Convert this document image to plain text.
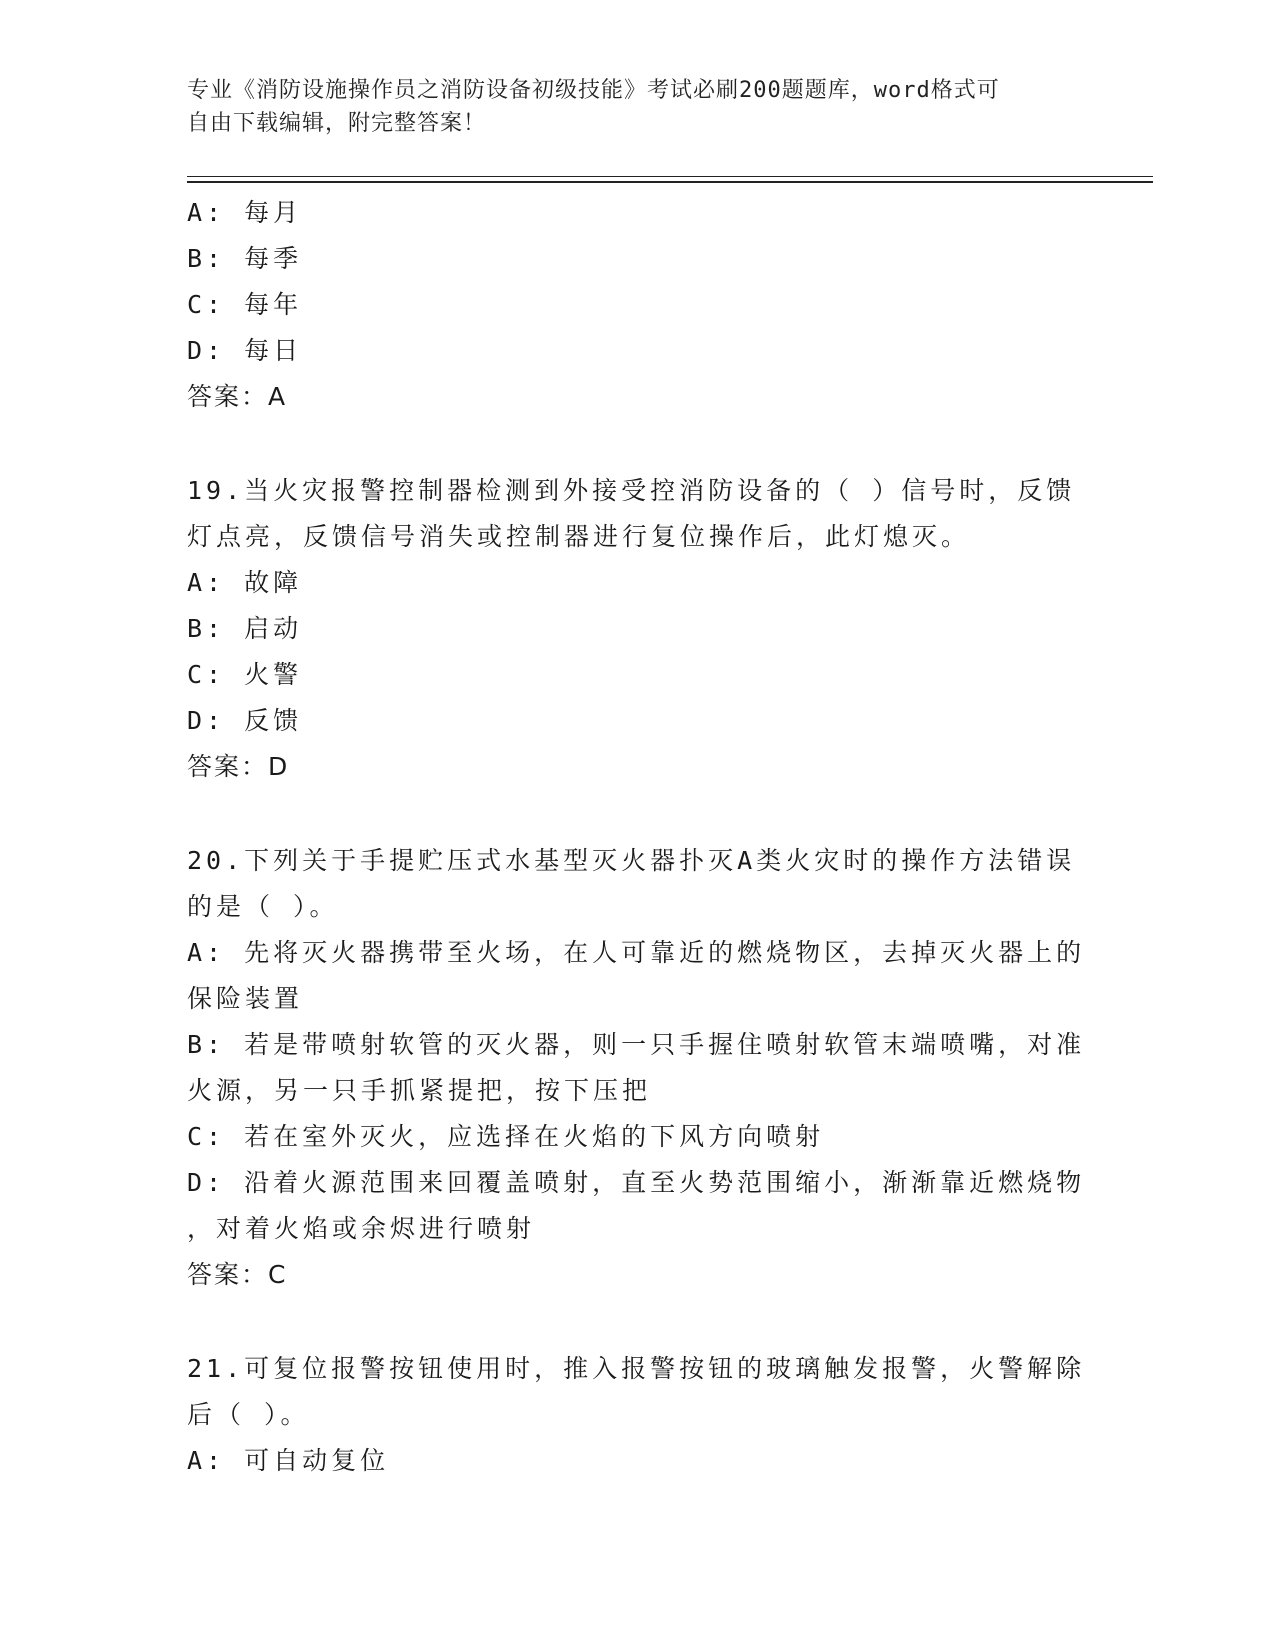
专业《消防设施操作员之消防设备初级技能》考试必刷200题题库，word格式可
自由下载编辑，附完整答案！
A: 每月
B: 每季
C: 每年
D: 每日
答案：A
19.当火灾报警控制器检测到外接受控消防设备的（ ）信号时，反馈
灯点亮，反馈信号消失或控制器进行复位操作后，此灯熄灭。
A: 故障
B: 启动
C: 火警
D: 反馈
答案：D
20.下列关于手提贮压式水基型灭火器扑灭A类火灾时的操作方法错误
的是（ ）。
A: 先将灭火器携带至火场，在人可靠近的燃烧物区，去掉灭火器上的
保险装置
B: 若是带喷射软管的灭火器，则一只手握住喷射软管末端喷嘴，对准
火源，另一只手抓紧提把，按下压把
C: 若在室外灭火，应选择在火焰的下风方向喷射
D: 沿着火源范围来回覆盖喷射，直至火势范围缩小，渐渐靠近燃烧物
，对着火焰或余烬进行喷射
答案：C
21.可复位报警按钮使用时，推入报警按钮的玻璃触发报警，火警解除
后（ ）。
A: 可自动复位
